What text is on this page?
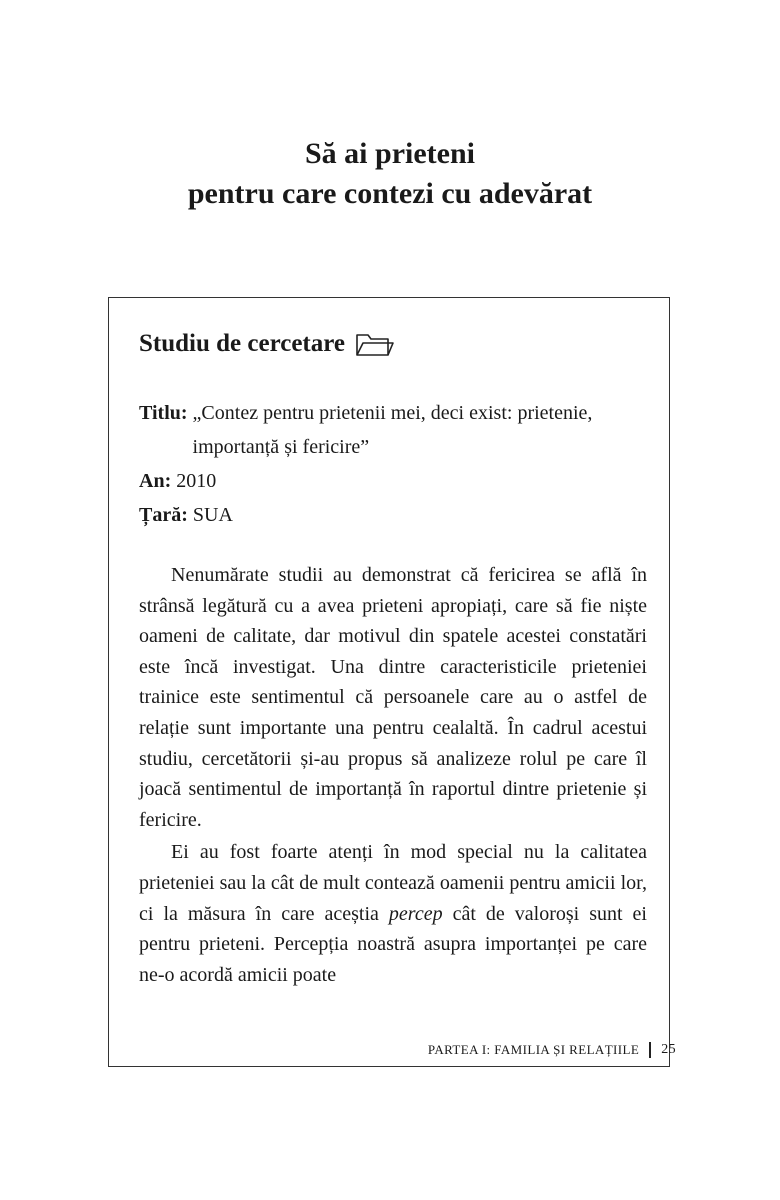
Să ai prieteni
pentru care contezi cu adevărat
Studiu de cercetare
Titlu: „Contez pentru prietenii mei, deci exist: prietenie, importanță și fericire”
An: 2010
Țară: SUA

Nenumărate studii au demonstrat că fericirea se află în strânsă legătură cu a avea prieteni apropiați, care să fie niște oameni de calitate, dar motivul din spatele acestei constatări este încă investigat. Una dintre caracteristicile prieteniei trainice este sentimentul că persoanele care au o astfel de relație sunt importante una pentru cealaltă. În cadrul acestui studiu, cercetătorii și-au propus să analizeze rolul pe care îl joacă sentimentul de importanță în raportul dintre prietenie și fericire.

Ei au fost foarte atenți în mod special nu la calitatea prieteniei sau la cât de mult contează oamenii pentru amicii lor, ci la măsura în care aceștia percep cât de valoroși sunt ei pentru prieteni. Percepția noastră asupra importanței pe care ne-o acordă amicii poate

PARTEA I: FAMILIA ȘI RELAȚIILE 25
